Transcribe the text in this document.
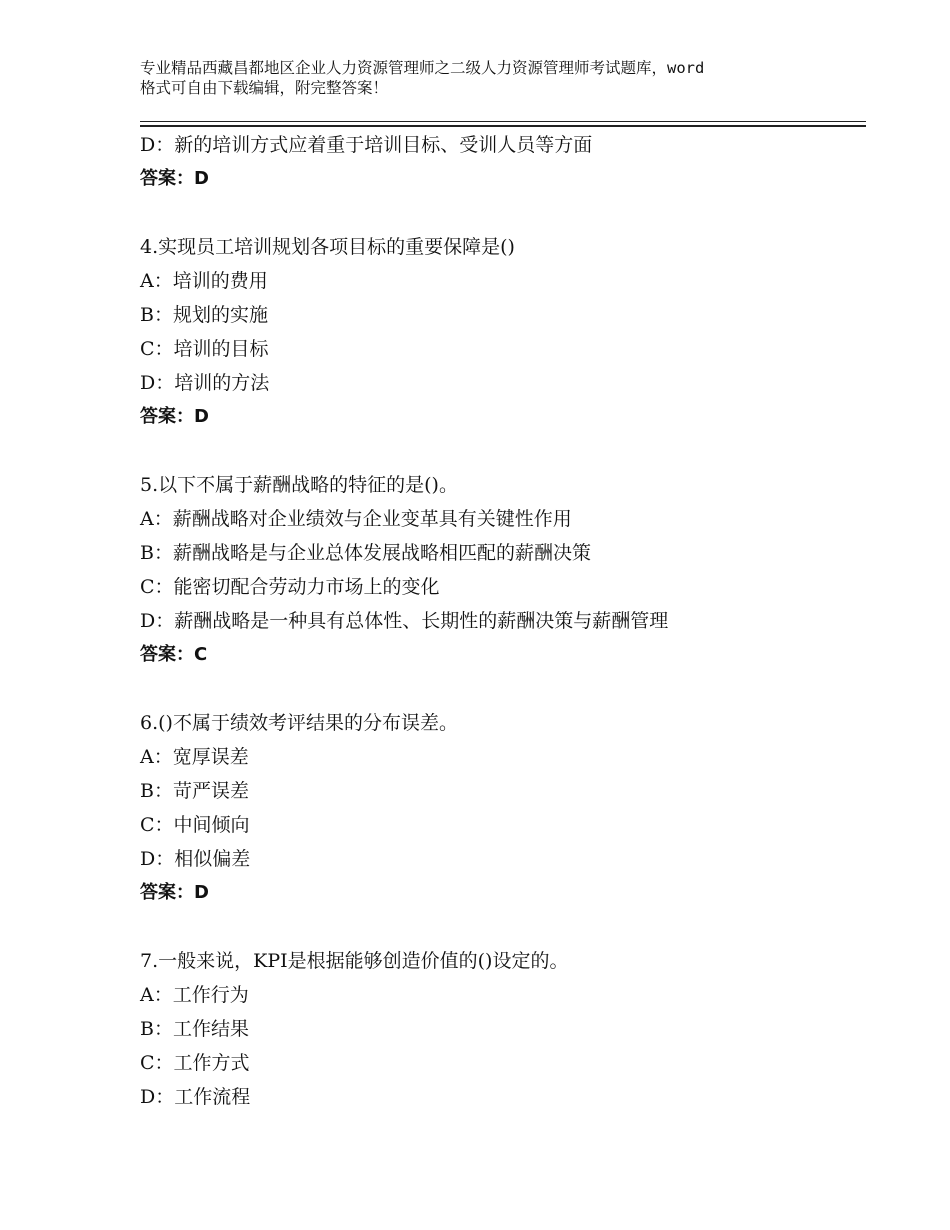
专业精品西藏昌都地区企业人力资源管理师之二级人力资源管理师考试题库，word
格式可自由下载编辑，附完整答案！
D：新的培训方式应着重于培训目标、受训人员等方面
答案：D
4.实现员工培训规划各项目标的重要保障是()
A：培训的费用
B：规划的实施
C：培训的目标
D：培训的方法
答案：D
5.以下不属于薪酬战略的特征的是()。
A：薪酬战略对企业绩效与企业变革具有关键性作用
B：薪酬战略是与企业总体发展战略相匹配的薪酬决策
C：能密切配合劳动力市场上的变化
D：薪酬战略是一种具有总体性、长期性的薪酬决策与薪酬管理
答案：C
6.()不属于绩效考评结果的分布误差。
A：宽厚误差
B：苛严误差
C：中间倾向
D：相似偏差
答案：D
7.一般来说，KPI是根据能够创造价值的()设定的。
A：工作行为
B：工作结果
C：工作方式
D：工作流程
